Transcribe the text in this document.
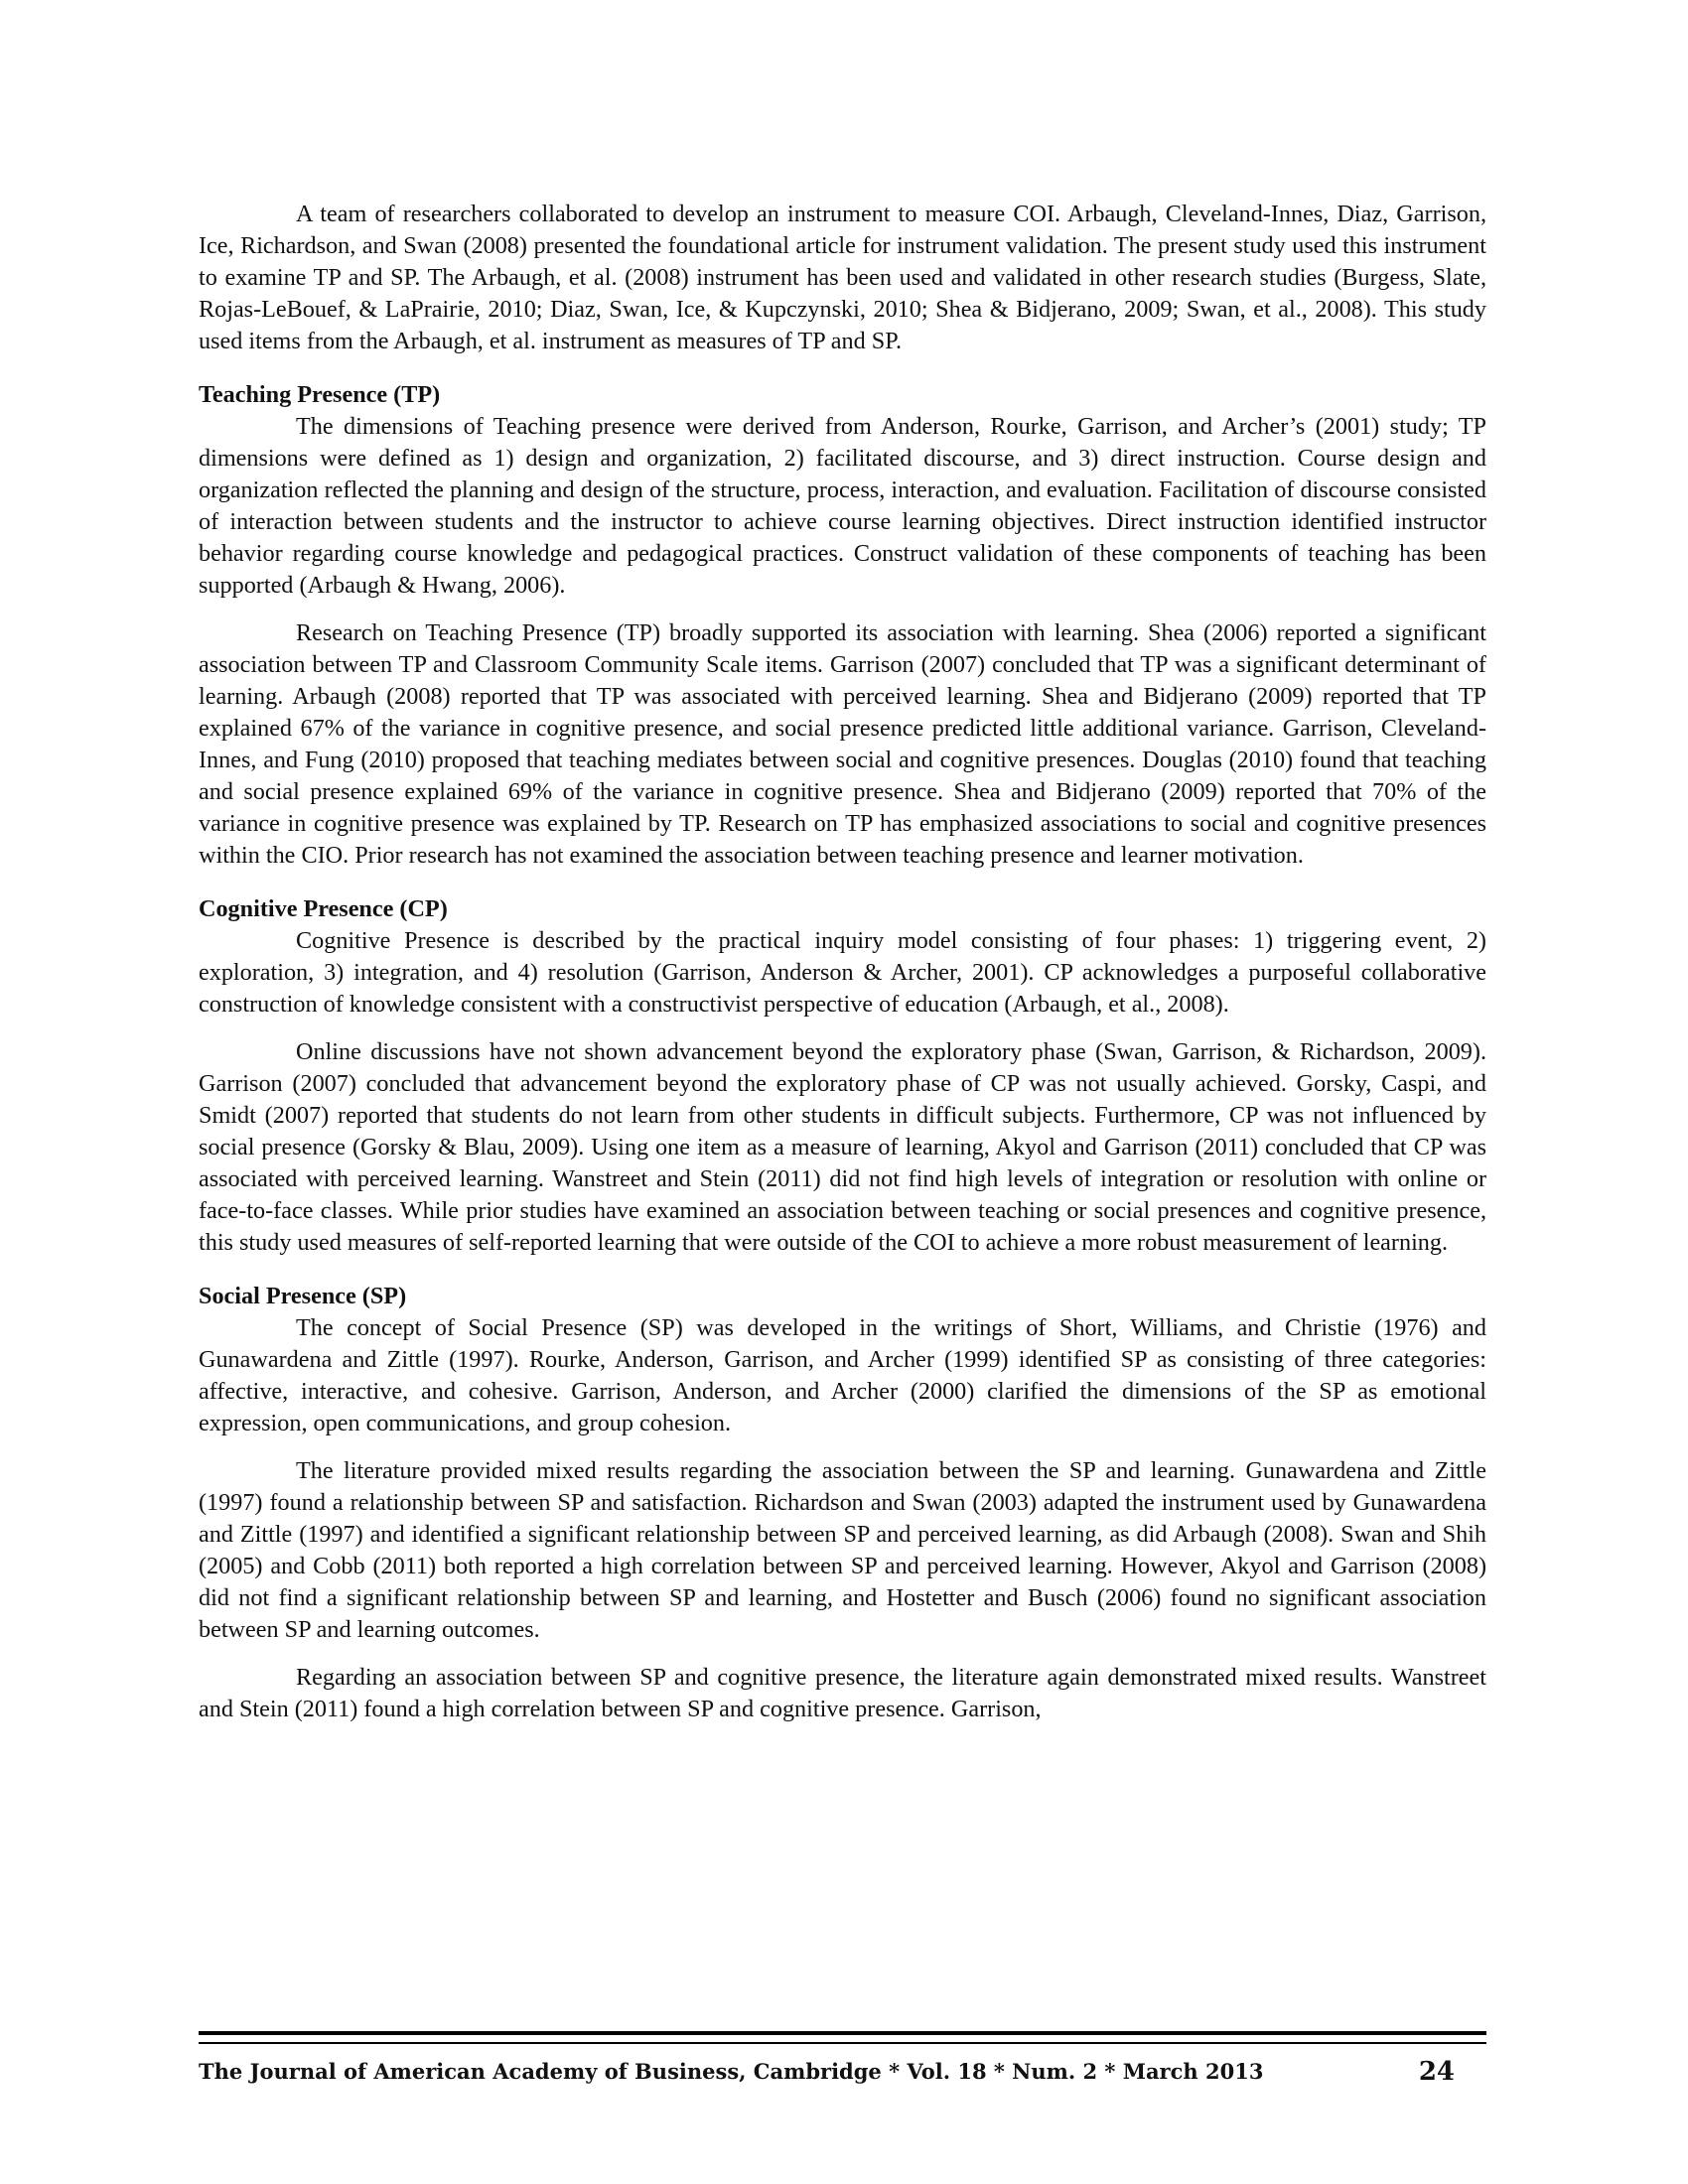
A team of researchers collaborated to develop an instrument to measure COI. Arbaugh, Cleveland-Innes, Diaz, Garrison, Ice, Richardson, and Swan (2008) presented the foundational article for instrument validation. The present study used this instrument to examine TP and SP. The Arbaugh, et al. (2008) instrument has been used and validated in other research studies (Burgess, Slate, Rojas-LeBouef, & LaPrairie, 2010; Diaz, Swan, Ice, & Kupczynski, 2010; Shea & Bidjerano, 2009; Swan, et al., 2008). This study used items from the Arbaugh, et al. instrument as measures of TP and SP.

Teaching Presence (TP)

The dimensions of Teaching presence were derived from Anderson, Rourke, Garrison, and Archer’s (2001) study; TP dimensions were defined as 1) design and organization, 2) facilitated discourse, and 3) direct instruction. Course design and organization reflected the planning and design of the structure, process, interaction, and evaluation. Facilitation of discourse consisted of interaction between students and the instructor to achieve course learning objectives. Direct instruction identified instructor behavior regarding course knowledge and pedagogical practices. Construct validation of these components of teaching has been supported (Arbaugh & Hwang, 2006).

Research on Teaching Presence (TP) broadly supported its association with learning. Shea (2006) reported a significant association between TP and Classroom Community Scale items. Garrison (2007) concluded that TP was a significant determinant of learning. Arbaugh (2008) reported that TP was associated with perceived learning. Shea and Bidjerano (2009) reported that TP explained 67% of the variance in cognitive presence, and social presence predicted little additional variance. Garrison, Cleveland-Innes, and Fung (2010) proposed that teaching mediates between social and cognitive presences. Douglas (2010) found that teaching and social presence explained 69% of the variance in cognitive presence. Shea and Bidjerano (2009) reported that 70% of the variance in cognitive presence was explained by TP. Research on TP has emphasized associations to social and cognitive presences within the CIO. Prior research has not examined the association between teaching presence and learner motivation.

Cognitive Presence (CP)

Cognitive Presence is described by the practical inquiry model consisting of four phases: 1) triggering event, 2) exploration, 3) integration, and 4) resolution (Garrison, Anderson & Archer, 2001). CP acknowledges a purposeful collaborative construction of knowledge consistent with a constructivist perspective of education (Arbaugh, et al., 2008).

Online discussions have not shown advancement beyond the exploratory phase (Swan, Garrison, & Richardson, 2009). Garrison (2007) concluded that advancement beyond the exploratory phase of CP was not usually achieved. Gorsky, Caspi, and Smidt (2007) reported that students do not learn from other students in difficult subjects. Furthermore, CP was not influenced by social presence (Gorsky & Blau, 2009). Using one item as a measure of learning, Akyol and Garrison (2011) concluded that CP was associated with perceived learning. Wanstreet and Stein (2011) did not find high levels of integration or resolution with online or face-to-face classes. While prior studies have examined an association between teaching or social presences and cognitive presence, this study used measures of self-reported learning that were outside of the COI to achieve a more robust measurement of learning.

Social Presence (SP)

The concept of Social Presence (SP) was developed in the writings of Short, Williams, and Christie (1976) and Gunawardena and Zittle (1997). Rourke, Anderson, Garrison, and Archer (1999) identified SP as consisting of three categories: affective, interactive, and cohesive. Garrison, Anderson, and Archer (2000) clarified the dimensions of the SP as emotional expression, open communications, and group cohesion.

The literature provided mixed results regarding the association between the SP and learning. Gunawardena and Zittle (1997) found a relationship between SP and satisfaction. Richardson and Swan (2003) adapted the instrument used by Gunawardena and Zittle (1997) and identified a significant relationship between SP and perceived learning, as did Arbaugh (2008). Swan and Shih (2005) and Cobb (2011) both reported a high correlation between SP and perceived learning. However, Akyol and Garrison (2008) did not find a significant relationship between SP and learning, and Hostetter and Busch (2006) found no significant association between SP and learning outcomes.

Regarding an association between SP and cognitive presence, the literature again demonstrated mixed results. Wanstreet and Stein (2011) found a high correlation between SP and cognitive presence. Garrison,

The Journal of American Academy of Business, Cambridge * Vol. 18 * Num. 2 * March 2013	24
